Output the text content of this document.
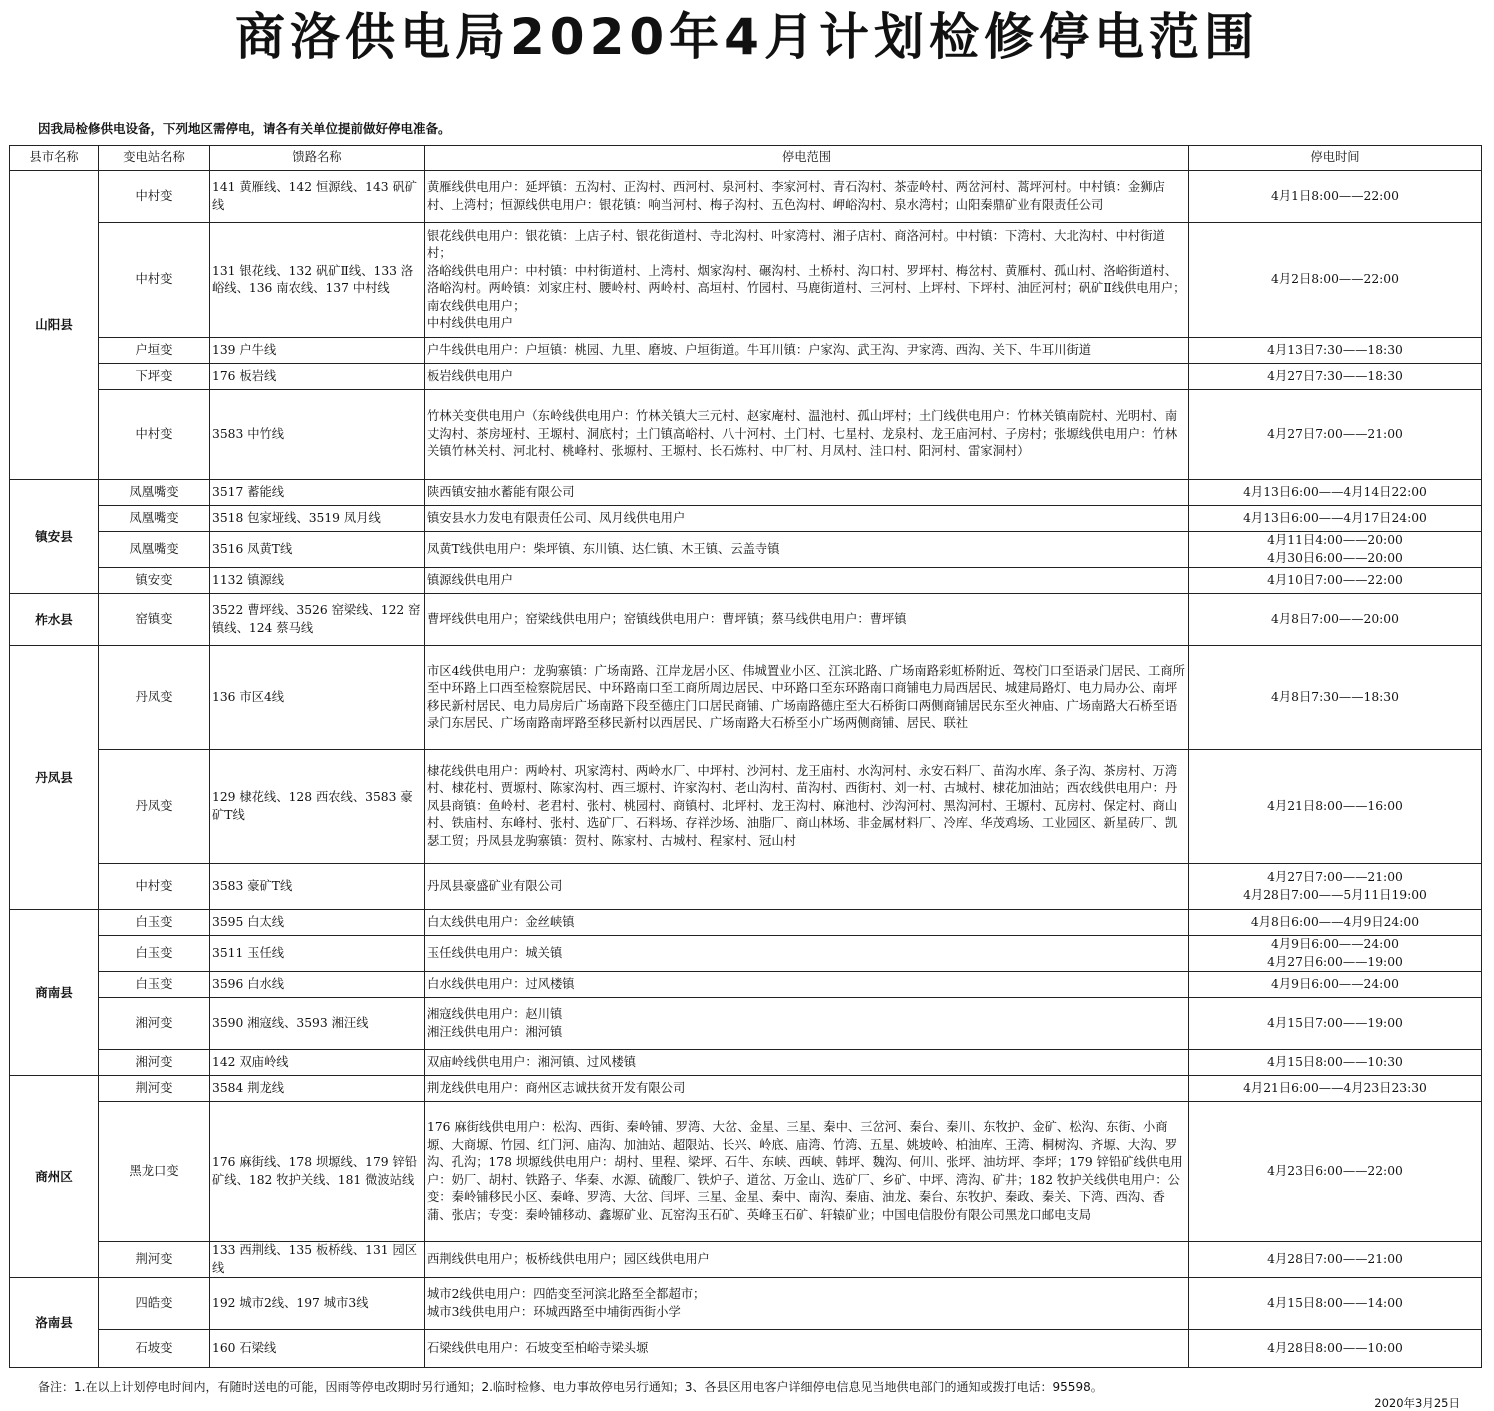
商洛供电局2020年4月计划检修停电范围
因我局检修供电设备，下列地区需停电，请各有关单位提前做好停电准备。
县市名称	变电站名称	馈路名称	停电范围	停电时间
山阳县	中村变	141 黄雁线、142 恒源线、143 矾矿线	黄雁线供电用户：延坪镇：五沟村、正沟村、西河村、泉河村、李家河村、青石沟村、茶壶岭村、两岔河村、蒿坪河村。中村镇：金狮店村、上湾村；恒源线供电用户：银花镇：响当河村、梅子沟村、五色沟村、岬峪沟村、泉水湾村；山阳秦鼎矿业有限责任公司	4月1日8:00——22:00
	中村变	131 银花线、132 矾矿Ⅱ线、133 洛峪线、136 南农线、137 中村线	银花线供电用户：银花镇：上店子村、银花街道村、寺北沟村、叶家湾村、湘子店村、商洛河村。中村镇：下湾村、大北沟村、中村街道村；
洛峪线供电用户：中村镇：中村街道村、上湾村、烟家沟村、碾沟村、土桥村、沟口村、罗坪村、梅岔村、黄雁村、孤山村、洛峪街道村、洛峪沟村。两岭镇：刘家庄村、腰岭村、两岭村、高垣村、竹园村、马鹿街道村、三河村、上坪村、下坪村、油匠河村；矾矿Ⅱ线供电用户；南农线供电用户；
中村线供电用户	4月2日8:00——22:00
	户垣变	139 户牛线	户牛线供电用户：户垣镇：桃园、九里、磨坡、户垣街道。牛耳川镇：户家沟、武王沟、尹家湾、西沟、关下、牛耳川街道	4月13日7:30——18:30
	下坪变	176 板岩线	板岩线供电用户	4月27日7:30——18:30
	中村变	3583 中竹线	竹林关变供电用户（东岭线供电用户：竹林关镇大三元村、赵家庵村、温池村、孤山坪村；土门线供电用户：竹林关镇南院村、光明村、南丈沟村、茶房垭村、王塬村、洞底村；土门镇高峪村、八十河村、土门村、七星村、龙泉村、龙王庙河村、子房村；张塬线供电用户：竹林关镇竹林关村、河北村、桃峰村、张塬村、王塬村、长石炼村、中厂村、月凤村、洼口村、阳河村、雷家洞村）	4月27日7:00——21:00
镇安县	凤凰嘴变	3517 蓄能线	陕西镇安抽水蓄能有限公司	4月13日6:00——4月14日22:00
	凤凰嘴变	3518 包家垭线、3519 凤月线	镇安县水力发电有限责任公司、凤月线供电用户	4月13日6:00——4月17日24:00
	凤凰嘴变	3516 凤黄T线	凤黄T线供电用户：柴坪镇、东川镇、达仁镇、木王镇、云盖寺镇	4月11日4:00——20:00
4月30日6:00——20:00
	镇安变	1132 镇源线	镇源线供电用户	4月10日7:00——22:00
柞水县	窑镇变	3522 曹坪线、3526 窑梁线、122 窑镇线、124 蔡马线	曹坪线供电用户；窑梁线供电用户；窑镇线供电用户：曹坪镇；蔡马线供电用户：曹坪镇	4月8日7:00——20:00
丹凤县	丹凤变	136 市区4线	市区4线供电用户：龙驹寨镇：广场南路、江岸龙居小区、伟城置业小区、江滨北路、广场南路彩虹桥附近、驾校门口至语录门居民、工商所至中环路上口西至检察院居民、中环路南口至工商所周边居民、中环路口至东环路南口商铺电力局西居民、城建局路灯、电力局办公、南坪移民新村居民、电力局房后广场南路下段至德庄门口居民商铺、广场南路德庄至大石桥街口两侧商铺居民东至火神庙、广场南路大石桥至语录门东居民、广场南路南坪路至移民新村以西居民、广场南路大石桥至小广场两侧商铺、居民、联社	4月8日7:30——18:30
	丹凤变	129 棣花线、128 西农线、3583 豪矿T线	棣花线供电用户：两岭村、巩家湾村、两岭水厂、中坪村、沙河村、龙王庙村、水沟河村、永安石料厂、苗沟水库、条子沟、茶房村、万湾村、棣花村、贾塬村、陈家沟村、西三塬村、许家沟村、老山沟村、苗沟村、西街村、刘一村、古城村、棣花加油站；西农线供电用户：丹凤县商镇：鱼岭村、老君村、张村、桃园村、商镇村、北坪村、龙王沟村、麻池村、沙沟河村、黑沟河村、王塬村、瓦房村、保定村、商山村、铁庙村、东峰村、张村、选矿厂、石料场、存祥沙场、油脂厂、商山林场、非金属材料厂、冷库、华茂鸡场、工业园区、新星砖厂、凯瑟工贸；丹凤县龙驹寨镇：贺村、陈家村、古城村、程家村、冠山村	4月21日8:00——16:00
	中村变	3583 豪矿T线	丹凤县豪盛矿业有限公司	4月27日7:00——21:00
4月28日7:00——5月11日19:00
商南县	白玉变	3595 白太线	白太线供电用户：金丝峡镇	4月8日6:00——4月9日24:00
	白玉变	3511 玉任线	玉任线供电用户：城关镇	4月9日6:00——24:00
4月27日6:00——19:00
	白玉变	3596 白水线	白水线供电用户：过风楼镇	4月9日6:00——24:00
	湘河变	3590 湘寇线、3593 湘汪线	湘寇线供电用户：赵川镇
湘汪线供电用户：湘河镇	4月15日7:00——19:00
	湘河变	142 双庙岭线	双庙岭线供电用户：湘河镇、过风楼镇	4月15日8:00——10:30
商州区	荆河变	3584 荆龙线	荆龙线供电用户：商州区志诚扶贫开发有限公司	4月21日6:00——4月23日23:30
	黑龙口变	176 麻街线、178 坝塬线、179 锌铅矿线、182 牧护关线、181 微波站线	176 麻街线供电用户：松沟、西街、秦岭铺、罗湾、大岔、金星、三星、秦中、三岔河、秦台、秦川、东牧护、金矿、松沟、东街、小商塬、大商塬、竹园、红门河、庙沟、加油站、超限站、长兴、岭底、庙湾、竹湾、五星、姚坡岭、柏油库、王湾、桐树沟、齐塬、大沟、罗沟、孔沟；178 坝塬线供电用户：胡村、里程、梁坪、石牛、东峡、西峡、韩坪、魏沟、何川、张坪、油坊坪、李坪；179 锌铅矿线供电用户：奶厂、胡村、铁路子、华秦、水源、硫酸厂、铁炉子、道岔、万金山、选矿厂、乡矿、中坪、湾沟、矿井；182 牧护关线供电用户：公变：秦岭铺移民小区、秦峰、罗湾、大岔、闫坪、三星、金星、秦中、南沟、秦庙、油龙、秦台、东牧护、秦政、秦关、下湾、西沟、香蒲、张店；专变：秦岭铺移动、鑫塬矿业、瓦窑沟玉石矿、英峰玉石矿、轩辕矿业；中国电信股份有限公司黑龙口邮电支局	4月23日6:00——22:00
	荆河变	133 西荆线、135 板桥线、131 园区线	西荆线供电用户；板桥线供电用户；园区线供电用户	4月28日7:00——21:00
洛南县	四皓变	192 城市2线、197 城市3线	城市2线供电用户：四皓变至河滨北路至全都超市；
城市3线供电用户：环城西路至中埔街西街小学	4月15日8:00——14:00
	石坡变	160 石梁线	石梁线供电用户：石坡变至柏峪寺梁头塬	4月28日8:00——10:00
备注：1.在以上计划停电时间内，有随时送电的可能，因雨等停电改期时另行通知；2.临时检修、电力事故停电另行通知；3、各县区用电客户详细停电信息见当地供电部门的通知或拨打电话：95598。
2020年3月25日
